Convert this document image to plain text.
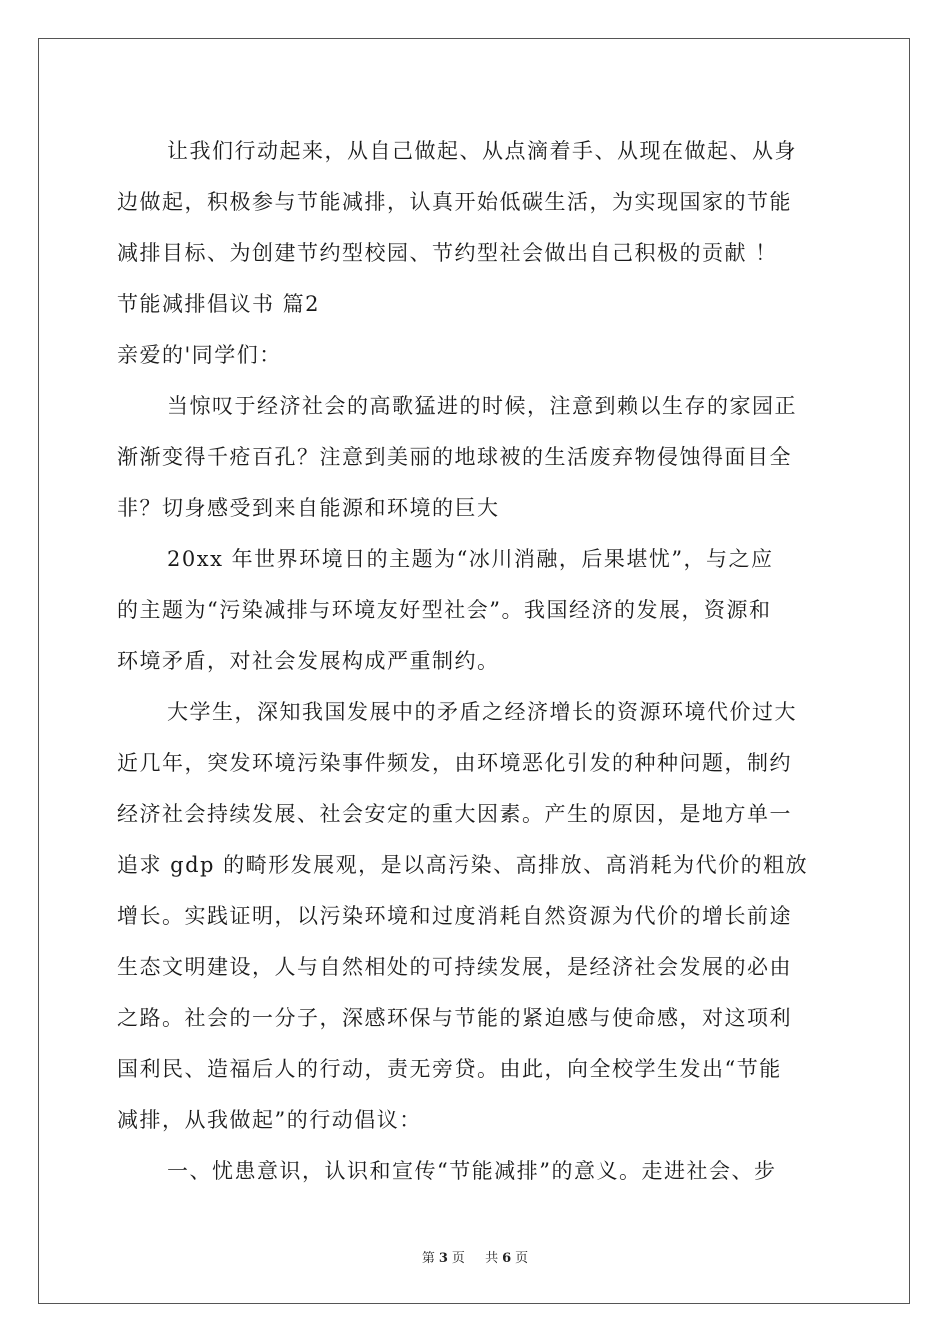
让我们行动起来，从自己做起、从点滴着手、从现在做起、从身
边做起，积极参与节能减排，认真开始低碳生活，为实现国家的节能
减排目标、为创建节约型校园、节约型社会做出自己积极的贡献 ！
节能减排倡议书 篇2
亲爱的'同学们：
当惊叹于经济社会的高歌猛进的时候，注意到赖以生存的家园正
渐渐变得千疮百孔？注意到美丽的地球被的生活废弃物侵蚀得面目全
非？切身感受到来自能源和环境的巨大
20xx 年世界环境日的主题为“冰川消融，后果堪忧”，与之应
的主题为“污染减排与环境友好型社会”。我国经济的发展，资源和
环境矛盾，对社会发展构成严重制约。
大学生，深知我国发展中的矛盾之经济增长的资源环境代价过大
近几年，突发环境污染事件频发，由环境恶化引发的种种问题，制约
经济社会持续发展、社会安定的重大因素。产生的原因，是地方单一
追求 gdp 的畸形发展观，是以高污染、高排放、高消耗为代价的粗放
增长。实践证明，以污染环境和过度消耗自然资源为代价的增长前途
生态文明建设，人与自然相处的可持续发展，是经济社会发展的必由
之路。社会的一分子，深感环保与节能的紧迫感与使命感，对这项利
国利民、造福后人的行动，责无旁贷。由此，向全校学生发出“节能
减排，从我做起”的行动倡议：
一、忧患意识，认识和宣传“节能减排”的意义。走进社会、步
第 3 页 共 6 页
